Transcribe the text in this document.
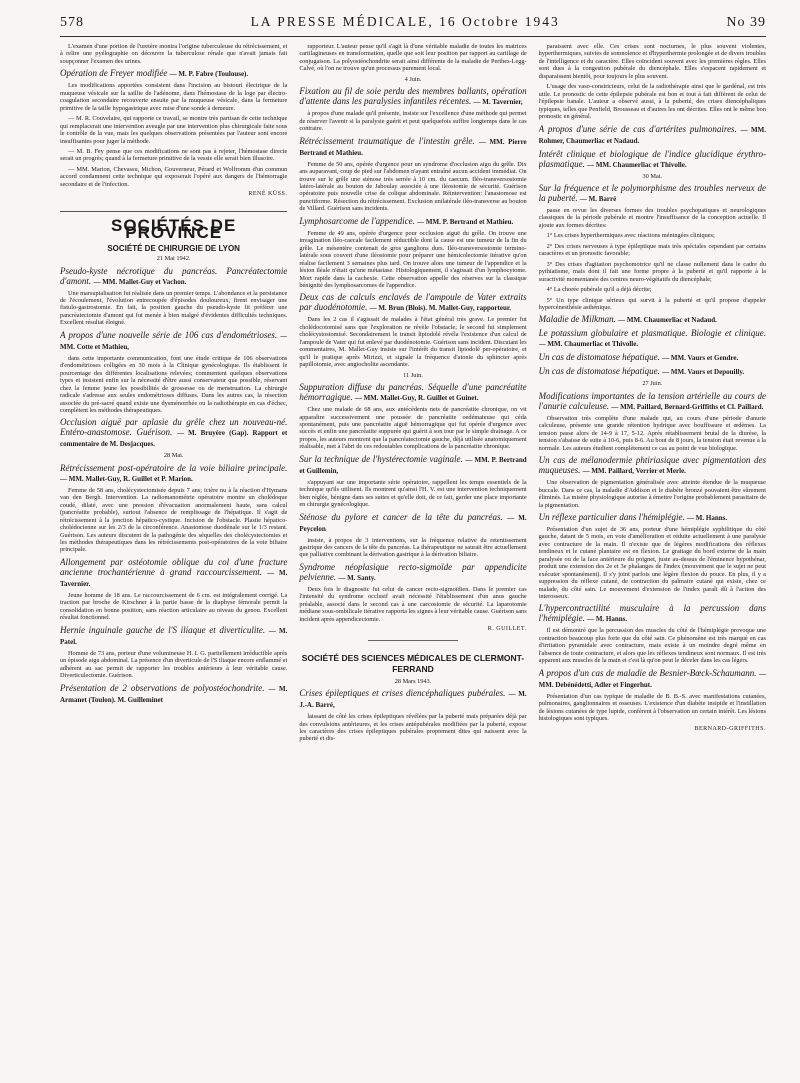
578	LA PRESSE MÉDICALE, 16 Octobre 1943	No 39

L'examen d'une portion de l'uretère montra l'origine tuberculeuse du rétrécissement, et à relire une pyélographie on découvre la tuberculose rénale que n'avait jamais fait soupçonner l'examen des urines.

Opération de Freyer modifiée — M. P. Fabre (Toulouse).

Les modifications apportées consistent dans l'incision au bistouri électrique de la muqueuse vésicale sur la saillie de l'adénome, dans l'hémostase de la loge par électro-coagulation secondaire recouverte ensuite par la muqueuse vésicale, dans la fermeture primitive de la taille hypogastrique avec mise d'une sonde à demeure.

— M. R. Couvelaire, qui rapporte ce travail, se montre très partisan de cette technique qui remplacerait une intervention aveugle par une intervention plus chirurgicale faite sous le contrôle de la vue, mais les quelques observations présentées par l'auteur sont encore insuffisantes pour juger la méthode.

— M. B. Fey pense que ces modifications ne sont pas à rejeter, l'hémostase directe serait un progrès; quand à la fermeture primitive de la vessie elle serait bien illusoire.

— MM. Marion, Chevassu, Michon, Gouverneur, Pérard et Wolfromm d'un commun accord condamnent cette technique qui exposerait l'opéré aux dangers de l'hémorragie secondaire et de l'infection.

RENÉ KÜSS.
SOCIÉTÉS DE PROVINCE
SOCIÉTÉ DE CHIRURGIE DE LYON
21 Mai 1942.

Pseudo-kyste nécrotique du pancréas. Pancréatectomie d'amont. — MM. Mallet-Guy et Vachon.

Une marsupialisation fut réalisée dans un premier temps. L'abondance et la persistance de l'écoulement, l'évolution entrecoupée d'épisodes douloureux, firent envisager une fistulo-gastrostomie. En fait, la position gauche du pseudo-kyste fit préférer une pancréatectomie d'amont qui fut menée à bien malgré d'évidentes difficultés techniques. Excellent résultat éloigné.

A propos d'une nouvelle série de 106 cas d'endométrioses. — MM. Cotte et Mathieu,

dans cette importante communication, font une étude critique de 106 observations d'endométrioses colligées en 30 mois à la Clinique gynécologique. Ils établissent le pourcentage des différentes localisations relevées; commentent quelques observations types et insistent enfin sur la nécessité d'être aussi conservateur que possible, réservant chez la femme jeune les possibilités de grossesse ou de menstruation. La chirurgie radicale s'adresse aux seules endométrioses diffuses. Dans les autres cas, la résection associée du pré-sacré quand existe une dysménorrhée ou la radiothérapie en cas d'échec, complètent les méthodes thérapeutiques.

Occlusion aiguë par aplasie du grêle chez un nouveau-né. Entéro-anastomose. Guérison. — M. Bruyère (Gap). Rapport et commentaire de M. Desjacques.

28 Mai.

Rétrécissement post-opératoire de la voie biliaire principale. — MM. Mallet-Guy, R. Guillet et P. Marion.

Femme de 58 ans, cholécystectomisée depuis 7 ans; ictère nu à la réaction d'Hymans van den Bergh. Intervention. La radiomanométrie opératoire montre un cholédoque coudé, dilaté, avec une pression d'évacuation anormalement haute, sans calcul (pancréatite probable), surtout l'absence de remplissage de l'hépatique. Il s'agit de rétrécissement à la jonction hépatico-cystique. Incision de l'obstacle. Plastie hépatico-cholédocienne sur les 2/3 de la circonférence. Anastomose duodénale sur le 1/3 restant. Guérison. Les auteurs discutent de la pathogénie des séquelles des cholécystectomies et les méthodes thérapeutiques dans les rétrécissements post-opératoires de la voie biliaire principale.

Allongement par ostéotomie oblique du col d'une fracture ancienne trochantérienne à grand raccourcissement. — M. Tavernier.

Jeune homme de 18 ans. Le raccourcissement de 6 cm. est intégralement corrigé. La traction par broche de Kirschner à la partie basse de la diaphyse fémorale permit la consolidation en bonne position, sans réaction articulaire au niveau du genou. Excellent résultat fonctionnel.

Hernie inguinale gauche de l'S iliaque et diverticulite. — M. Patel.

Homme de 73 ans, porteur d'une volumineuse H. I. G. partiellement irréductible après un épisode aigu abdominal. La présence d'un diverticule de l'S iliaque encore enflammé et adhérent au sac permit de rapporter les troubles antérieurs à leur véritable cause. Diverticulectomie. Guérison.

Présentation de 2 observations de polyostéochondrite. — M. Armanet (Toulon). M. Guilleminet

rapporteur. L'auteur pense qu'il s'agit là d'une véritable maladie de toutes les matrices cartilagineuses en transformation, quelle que soit leur position par rapport au cartilage de conjugaison. La polyostéochondrite serait ainsi différente de la maladie de Perthes-Legg-Calvé, où l'on ne trouve qu'un processus purement local.

4 Juin.

Fixation au fil de soie perdu des membres ballants, opération d'attente dans les paralysies infantiles récentes. — M. Tavernier,

à propos d'une malade qu'il présente, insiste sur l'excellence d'une méthode qui permet de réserver l'avenir si la paralysie guérit et peut quelquefois suffire longtemps dans le cas contraire.

Rétrécissement traumatique de l'intestin grêle. — MM. Pierre Bertrand et Mathieu.

Femme de 50 ans, opérée d'urgence pour un syndrome d'occlusion aigu du grêle. Dix ans auparavant, coup de pied sur l'abdomen n'ayant entraîné aucun accident immédiat. On trouve sur le grêle une sténose très serrée à 10 cm. du caecum. Iléo-transversostomie latéro-latérale au bouton de Jaboulay associée à une iléostomie de sécurité. Guérison opératoire puis nouvelle crise de colique abdominale. Réintervention: l'anastomose est punctiforme. Résection du rétrécissement. Exclusion unilatérale iléo-transverse au bouton de Villard. Guérison sans incidents.

Lymphosarcome de l'appendice. — MM. P. Bertrand et Mathieu.

Femme de 49 ans, opérée d'urgence pour occlusion aiguë du grêle. On trouve une invagination iléo-caecale facilement réductible dont la cause est une tumeur de la fin du grêle. Le mésentère contenait de gros ganglions durs. Iléo-transversostomie termino-latérale sous couvert d'une iléostomie pour préparer une hémicolectomie itérative qu'on réalise facilement 3 semaines plus tard. On trouve alors une tumeur de l'appendice et la lésion iléale n'était qu'une métastase. Histologiquement, il s'agissait d'un lymphocytome. Mort rapide dans la cachexie. Cette observation appelle des réserves sur la classique bénignité des lymphosarcomes de l'appendice.

Deux cas de calculs enclavés de l'ampoule de Vater extraits par duodénotomie. — M. Brun (Blois). M. Mallet-Guy, rapporteur.

Dans les 2 cas il s'agissait de malades à l'état général très grave. Le premier fut cholédocotomisé sans que l'exploration ne révèle l'obstacle; le second fut simplement cholécystostomisé. Secondairement le transit lipiodolé révéla l'existence d'un calcul de l'ampoule de Vater qui fut enlevé par duodénotomie. Guérison sans incident. Discutant les commentaires, M. Mallet-Guy insiste sur l'intérêt du transit lipiodolé per-opératoire, et qu'il le pratique après Mirizzi, et signale la fréquence d'atonie du sphincter après papillotomie, avec angiocholite ascendante.

11 Juin.

Suppuration diffuse du pancréas. Séquelle d'une pancréatite hémorragique. — MM. Mallet-Guy, R. Guillet et Guinet.

Chez une malade de 68 ans, aux antécédents nets de pancréatite chronique, on vit apparaître successivement une poussée de pancréatite oedémateuse qui céda spontanément, puis une pancréatite aiguë hémorragique qui fut opérée d'urgence avec succès et enfin une pancréatite suppurée qui guérit à son tour par le simple drainage. A ce propos, les auteurs montrent que la pancréatectomie gauche, déjà utilisée anatomiquement réalisable, met à l'abri de ces redoutables complications de la pancréatite chronique.

Sur la technique de l'hystérectomie vaginale. — MM. P. Bertrand et Guillemin,

s'appuyant sur une importante série opératoire, rappellent les temps essentiels de la technique qu'ils utilisent. Ils montrent qu'ainsi l'H. V. est une intervention techniquement bien réglée, bénigne dans ses suites et qu'elle doit, de ce fait, garder une place importante en chirurgie gynécologique.

Sténose du pylore et cancer de la tête du pancréas. — M. Peycelon

insiste, à propos de 3 interventions, sur la fréquence relative du retentissement gastrique des cancers de la tête du pancréas. La thérapeutique ne saurait être actuellement que palliative combinant la dérivation gastrique à la dérivation biliaire.

Syndrome néoplasique recto-sigmoïde par appendicite pelvienne. — M. Santy.

Deux fois le diagnostic fut celui de cancer recto-sigmoïdien. Dans le premier cas l'intensité du syndrome occlusif avait nécessité l'établissement d'un anus gauche préalable, associé dans le second cas à une caecostomie de sécurité. La laparotomie médiane sous-ombilicale itérative rapporta les signes à leur véritable cause. Guérison sans incident après appendicectomie.

R. GUILLET.
SOCIÉTÉ DES SCIENCES MÉDICALES DE CLERMONT-FERRAND
28 Mars 1943.

Crises épileptiques et crises diencéphaliques pubérales. — M. J.-A. Barré,

laissant de côté les crises épileptiques révélées par la puberté mais préparées déjà par des convulsions antérieures, et les crises antépubérales modifiées par la puberté, expose les caractères des crises épileptiques pubérales proprement dites qui naissent avec la puberté et dis-

paraissent avec elle. Ces crises sont nocturnes, le plus souvent violentes, hyperthermiques, suivies de somnolence et d'hyperthermie prolongée et de divers troubles de l'intelligence et du caractère. Elles coïncident souvent avec les premières règles. Elles sont dues à la congestion pubérale du diencéphale. Elles s'espacent rapidement et disparaissent bientôt, pour toujours le plus souvent.

L'usage des vaso-constricteurs, celui de la radiothérapie ainsi que le gardénal, est très utile. Le pronostic de cette épilepsie pubérale est bon et tout à fait différent de celui de l'épilepsie banale. L'auteur a observé aussi, à la puberté, des crises diencéphaliques typiques, telles que Penfield, Brousseau et d'autres les ont décrites. Elles ont le même bon pronostic en général.

A propos d'une série de cas d'artérites pulmonaires. — MM. Rohmer, Chaumerliac et Nadaud.

Intérêt clinique et biologique de l'indice glucidique érythro-plasmatique. — MM. Chaumerliac et Thivolle.

30 Mai.

Sur la fréquence et le polymorphisme des troubles nerveux de la puberté. — M. Barré

passe en revue les diverses formes des troubles psychopatiques et neurologiques classiques de la période pubérale et montre l'insuffisance de la conception actuelle. Il ajoute aux formes décrites:

1° Les crises hyperthermiques avec réactions méningées cliniques;

2° Des crises nerveuses à type épileptique mais très spéciales cependant par certains caractères et un pronostic favorable;

3° Des crises d'agitation psychomotrice qu'il ne classe nullement dans le cadre du pythiatisme, mais dont il fait une forme propre à la puberté et qu'il rapporte à la suractivité momentanée des centres neuro-végétatifs du diencéphale;

4° La chorée pubérale qu'il a déjà décrite;

5° Un type clinique sérieux qui survit à la puberté et qu'il propose d'appeler hypercénesthésie asthénique.

Maladie de Milkman. — MM. Chaumerliac et Nadaud.

Le potassium globulaire et plasmatique. Biologie et clinique. — MM. Chaumerliac et Thivolle.

Un cas de distomatose hépatique. — MM. Vaurs et Gendre.

Un cas de distomatose hépatique. — MM. Vaurs et Depouilly.

27 Juin.

Modifications importantes de la tension artérielle au cours de l'anurie calculeuse. — MM. Paillard, Bernard-Griffiths et Cl. Paillard.

Observation très complète d'une malade qui, au cours d'une période d'anurie calculeuse, présente une grande rétention hydrique avec bouffissure et œdèmes. La tension passe alors de 14-9 à 17, 5-12. Après rétablissement brutal de la diurèse, la tension s'abaisse de suite à 10-6, puis 8-6. Au bout de 8 jours, la tension était revenue à la normale. Les auteurs étudient complètement ce cas au point de vue biologique.

Un cas de mélanodermie phtiriasique avec pigmentation des muqueuses. — MM. Paillard, Verrier et Merle.

Une observation de pigmentation généralisée avec atteinte étendue de la muqueuse buccale. Dans ce cas, la maladie d'Addison et le diabète bronzé pouvaient être sûrement éliminés. La misère physiologique autorise à émettre l'origine probablement parasitaire de la pigmentation.

Un réflexe particulier dans l'hémiplégie. — M. Hanns.

Présentation d'un sujet de 36 ans, porteur d'une hémiplégie syphilitique du côté gauche, datant de 5 mois, en voie d'amélioration et réduite actuellement à une paralysie avec contracture de la main. Il n'existe que de légères modifications des réflexes tendineux et le cutané plantaire est en flexion. Le grattage du bord externe de la main paralysée ou de la face antérieure du poignet, juste au-dessus de l'éminence hypothénar, produit une extension des 2e et 3e phalanges de l'index (mouvement que le sujet ne peut exécuter spontanément). Il s'y joint parfois une légère flexion du pouce. En plus, il y a suppression du réflexe cutané, de contraction du palmaire cutané qui existe, chez ce malade, du côté sain. Le mouvement d'extension de l'index paraît dû à l'action des interosseux.

L'hypercontractilité musculaire à la percussion dans l'hémiplégie. — M. Hanns.

Il est démontré que la percussion des muscles du côté de l'hémiplégie provoque une contraction beaucoup plus forte que du côté sain. Ce phénomène est très marqué en cas d'irritation pyramidale avec contracture, mais existe à un moindre degré même en l'absence de toute contracture, et alors que les réflexes tendineux sont normaux. Il est très apparent aux muscles de la main et c'est là qu'on peut le déceler dans les cas légers.

A propos d'un cas de maladie de Besnier-Bœck-Schaumann. — MM. Debénédetti, Adler et Fingerhut.

Présentation d'un cas typique de maladie de B. B.-S. avec manifestations cutanées, pulmonaires, ganglionnaires et osseuses. L'existence d'un diabète insipide et l'instillation de lésions cutanées de type lupide, confèrent à l'observation un certain intérêt. Les lésions histologiques sont typiques.

BERNARD-GRIFFITHS.
